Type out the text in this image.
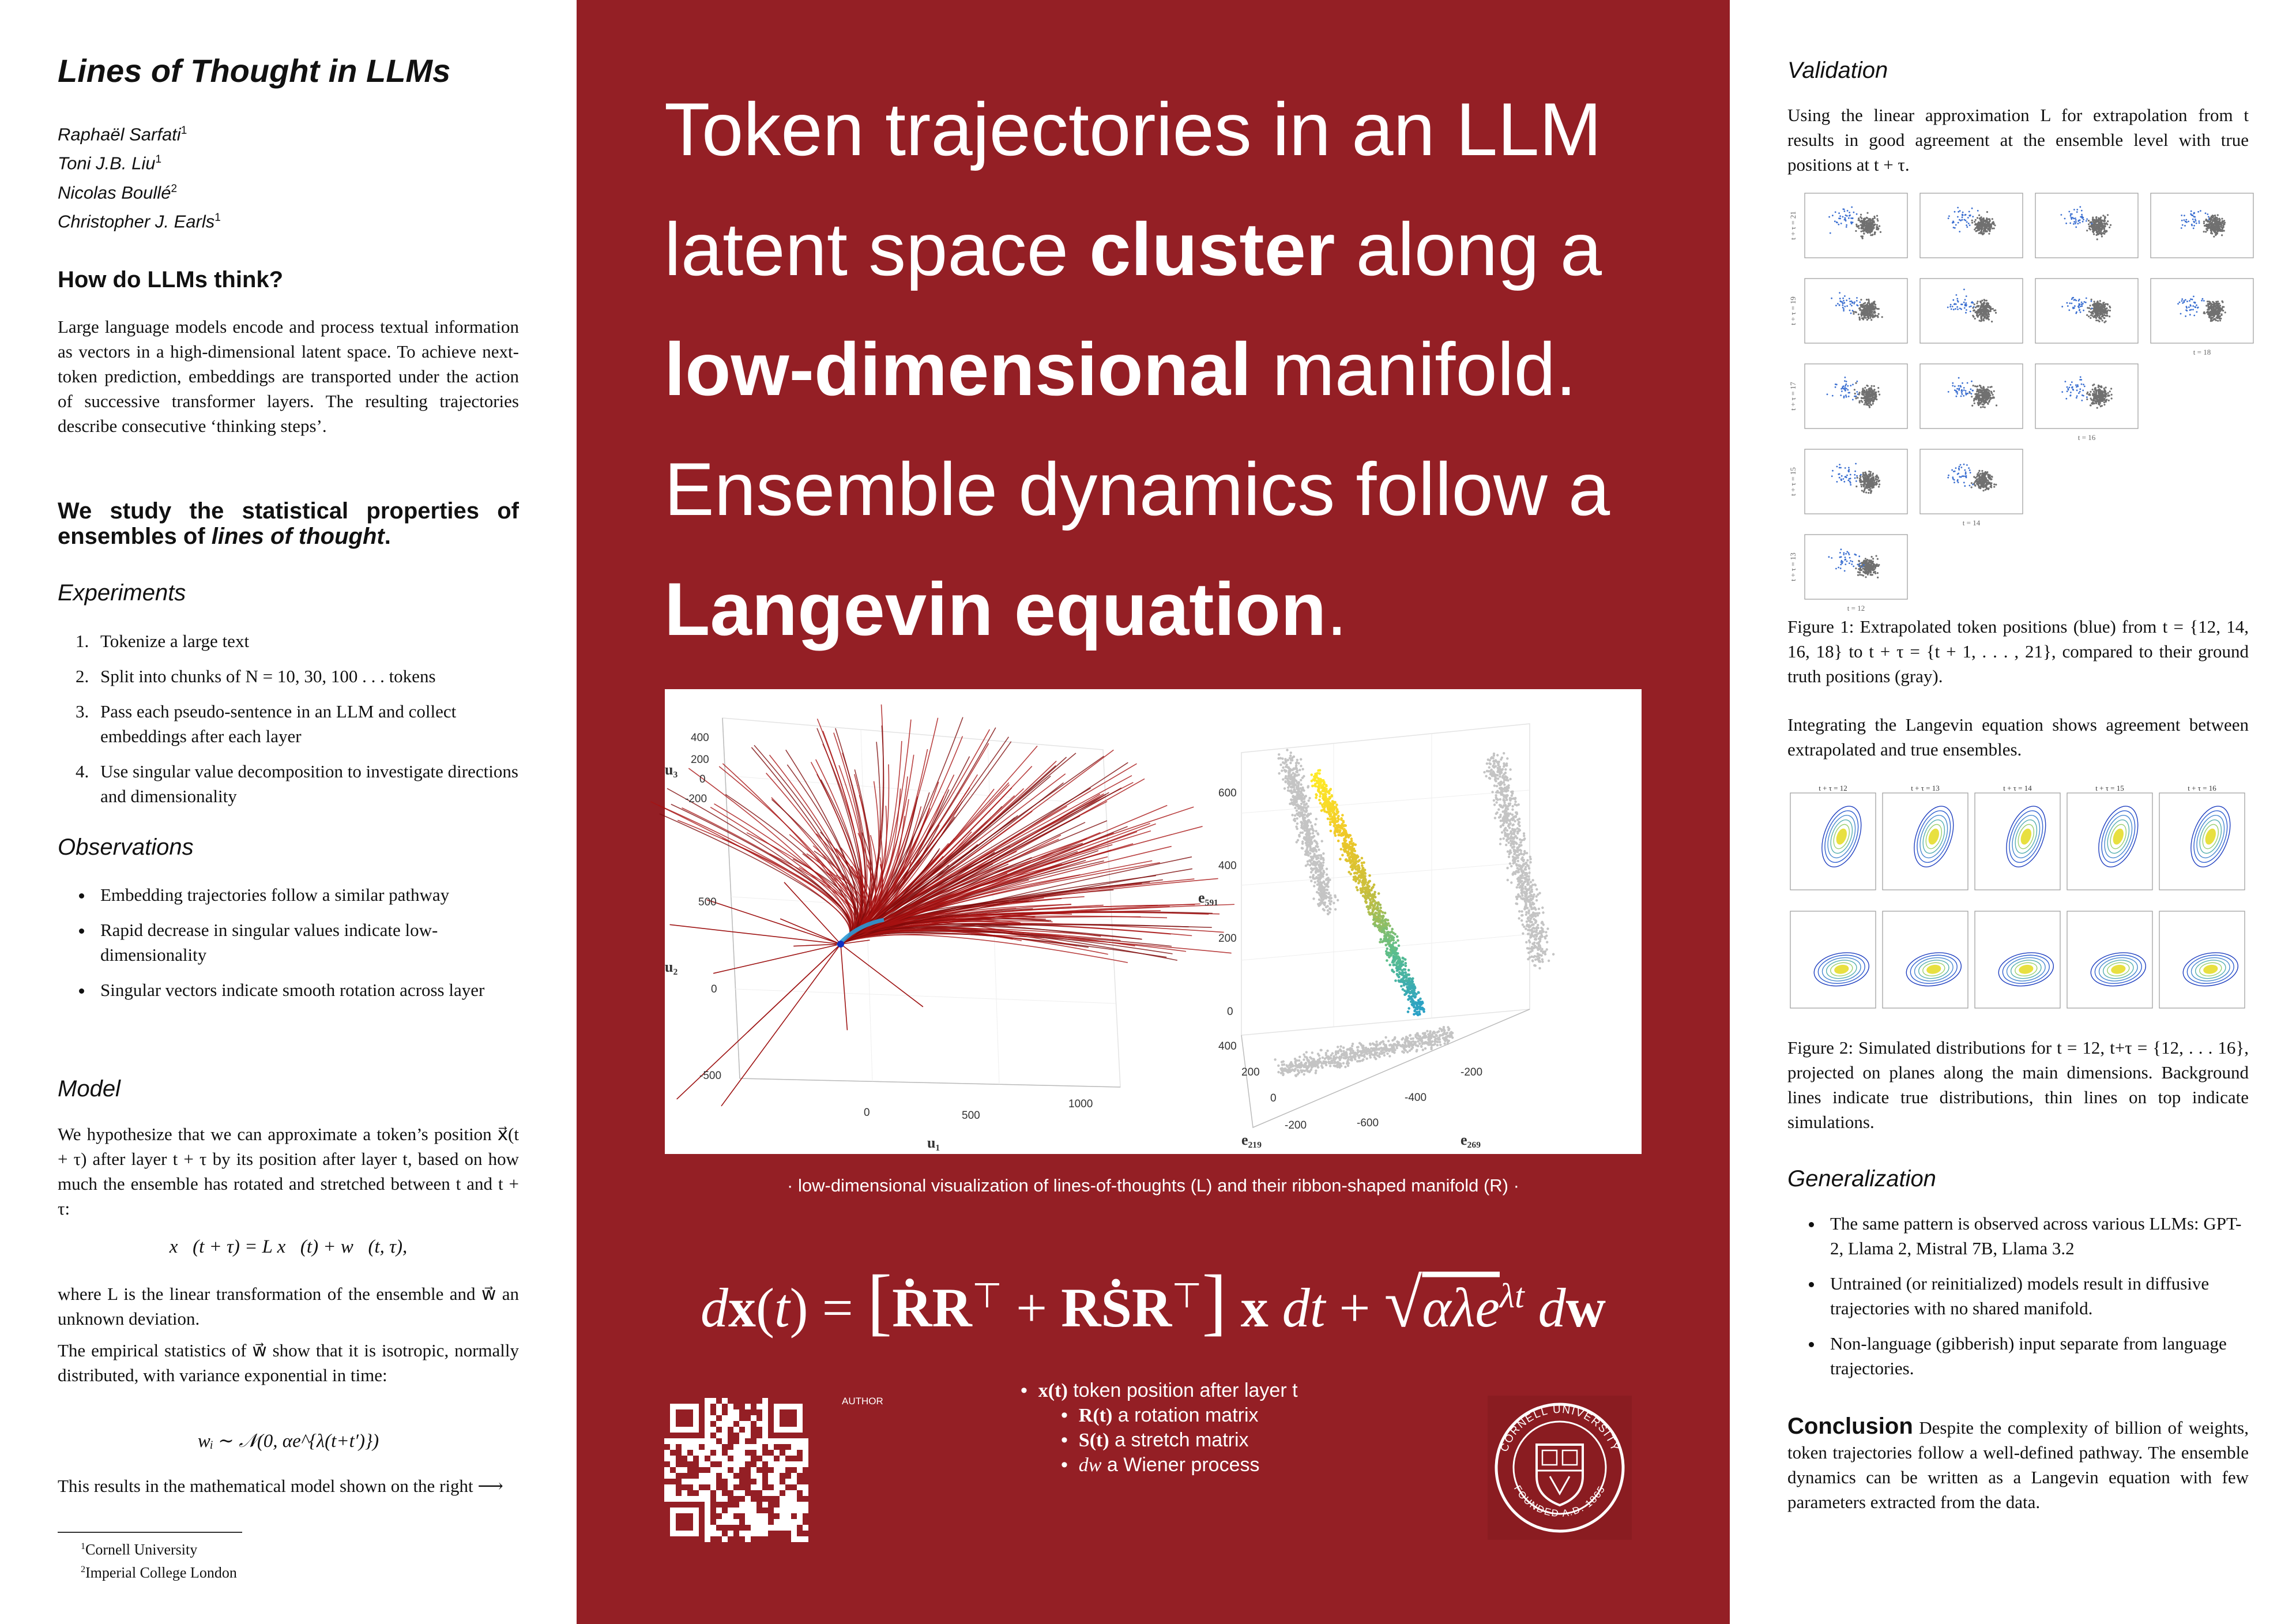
Lines of Thought in LLMs
Raphaël Sarfati$^1$
Toni J.B. Liu$^1$
Nicolas Boullé$^2$
Christopher J. Earls$^1$
How do LLMs think?
Large language models encode and process textual information as vectors in a high-dimensional latent space. To achieve next-token prediction, embeddings are transported under the action of successive transformer layers. The resulting trajectories describe consecutive ‘thinking steps’.
We study the statistical properties of ensembles of lines of thought.
Experiments
1. Tokenize a large text
2. Split into chunks of N = 10, 30, 100 . . . tokens
3. Pass each pseudo-sentence in an LLM and collect embeddings after each layer
4. Use singular value decomposition to investigate directions and dimensionality
Observations
• Embedding trajectories follow a similar pathway
• Rapid decrease in singular values indicate low-dimensionality
• Singular vectors indicate smooth rotation across layer
Model
We hypothesize that we can approximate a token’s position x⃗(t + τ) after layer t + τ by its position after layer t, based on how much the ensemble has rotated and stretched between t and t + τ:
x⃗(t + τ) = L x⃗(t) + w⃗(t, τ),
where L is the linear transformation of the ensemble and w⃗ an unknown deviation.
The empirical statistics of w⃗ show that it is isotropic, normally distributed, with variance exponential in time:
wᵢ ∼ 𝒩(0, αe^{λ(t+t′)})
This results in the mathematical model shown on the right ⟶
$^1$Cornell University
$^2$Imperial College London
Token trajectories in an LLM latent space cluster along a low-dimensional manifold. Ensemble dynamics follow a Langevin equation.
400
200
0
-200
u₃
500
0
-500
u₂
0	500
1000
u₁
600
400
200
0
e₅₉₁
400
200
0
-200
e₂₁₉
-600
-400
-200
e₂₆₉
· low-dimensional visualization of lines-of-thoughts (L) and their ribbon-shaped manifold (R) ·
dx(t) = [ṘR⊤ + RṠR⊤] x dt + √αλe$^{\lambda t}$ dw
AUTHOR	•  x(t) token position after layer t
•  R(t) a rotation matrix
•  S(t) a stretch matrix
•  dw a Wiener process
CORNELL UNIVERSITY
FOUNDED A.D. 1865
Validation
Using the linear approximation L for extrapolation from t results in good agreement at the ensemble level with true positions at t + τ.
t + τ = 21
t + τ = 19
t = 18
t + τ = 17
t = 16
t + τ = 15
t = 14
t + τ = 13
t = 12
Figure 1: Extrapolated token positions (blue) from t = {12, 14, 16, 18} to t + τ = {t + 1, . . . , 21}, compared to their ground truth positions (gray).
Integrating the Langevin equation shows agreement between extrapolated and true ensembles.
t + τ = 12	t + τ = 13	t + τ = 14	t + τ = 15	t + τ = 16
Figure 2: Simulated distributions for t = 12, t+τ = {12, . . . 16}, projected on planes along the main dimensions. Background lines indicate true distributions, thin lines on top indicate simulations.
Generalization
• The same pattern is observed across various LLMs: GPT-2, Llama 2, Mistral 7B, Llama 3.2
• Untrained (or reinitialized) models result in diffusive trajectories with no shared manifold.
• Non-language (gibberish) input separate from language trajectories.
Conclusion Despite the complexity of billion of weights, token trajectories follow a well-defined pathway. The ensemble dynamics can be written as a Langevin equation with few parameters extracted from the data.
